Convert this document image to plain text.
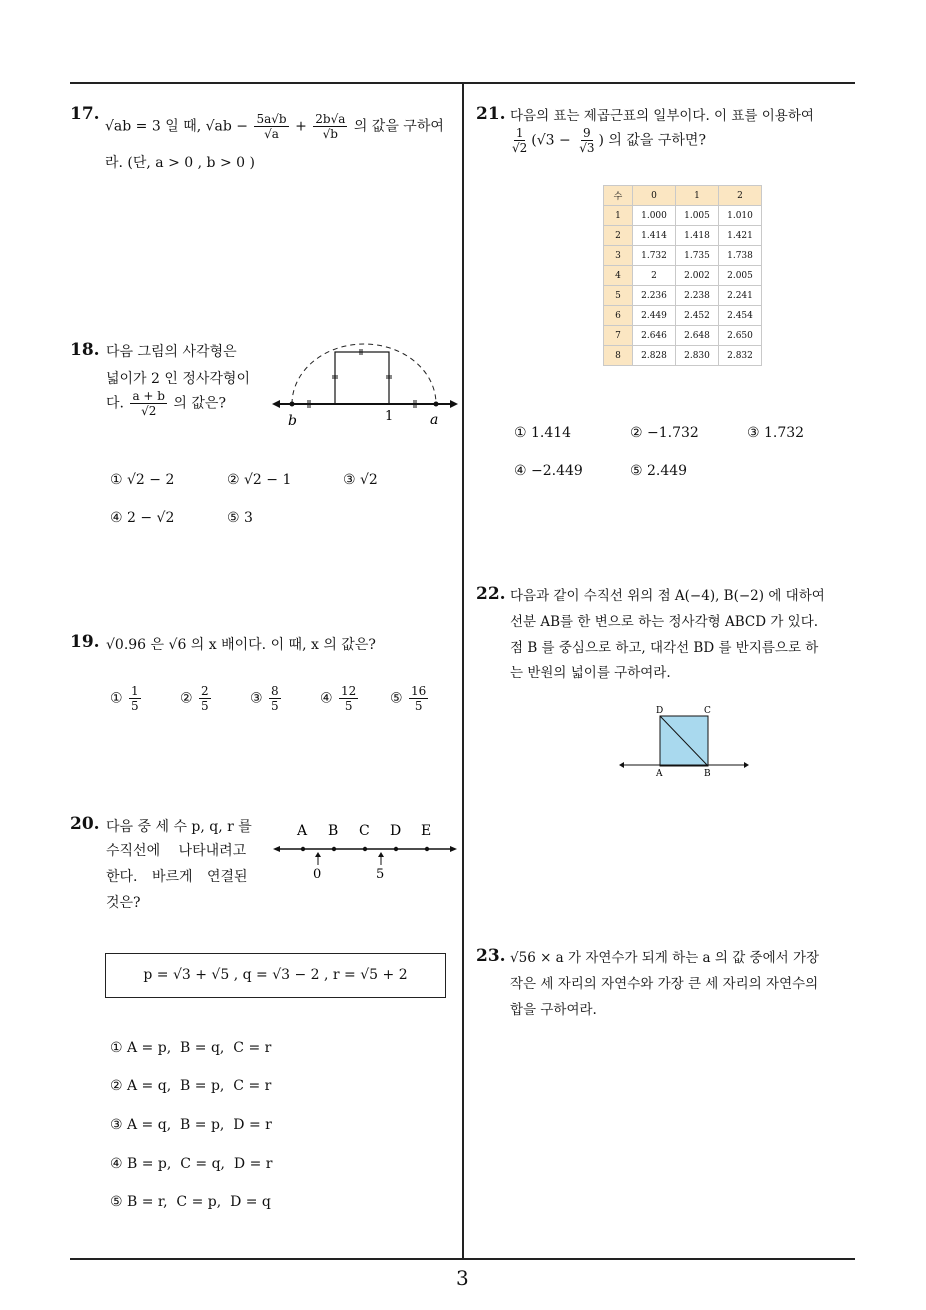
17.
√ab = 3 일 때, $√ab - \frac{5a√b}{√a} + \frac{2b√a}{√b}$ 의 값을 구하여
라. (단, a > 0 , b > 0 )
18. 다음 그림의 사각형은
넓이가 2 인 정사각형이
다. $\frac{a + b}{√2}$ 의 값은?
b	1	a
① √2 − 2	② √2 − 1	③ √2
④ 2 − √2	⑤ 3
19. √0.96 은 √6 의 x 배이다. 이 때, x 의 값은?
① $\frac{1}{5}$	② $\frac{2}{5}$	③ $\frac{8}{5}$	④ $\frac{12}{5}$ ⑤ $\frac{16}{5}$
20. 다음 중 세 수 p, q, r 를
수직선에 나타내려고
한다. 바르게 연결된
것은?
A B C D E
0	5
p = √3 + √5 , q = √3 − 2 , r = √5 + 2
① A = p,  B = q,  C = r
② A = q,  B = p,  C = r
③ A = q,  B = p,  D = r
④ B = p,  C = q,  D = r
⑤ B = r,  C = p,  D = q
21. 다음의 표는 제곱근표의 일부이다. 이 표를 이용하여
$\frac{1}{√2} (√3 - \frac{9}{√3}$ ) 의 값을 구하면?
수	0	1	2
1	1.000	1.005	1.010
2	1.414	1.418	1.421
3	1.732	1.735	1.738
4	2	2.002	2.005
5	2.236	2.238	2.241
6	2.449	2.452	2.454
7	2.646	2.648	2.650
8	2.828	2.830	2.832
① 1.414	② −1.732	③ 1.732
④ −2.449	⑤ 2.449
22. 다음과 같이 수직선 위의 점 A(−4), B(−2) 에 대하여
선분 AB를 한 변으로 하는 정사각형 ABCD 가 있다.
점 B 를 중심으로 하고, 대각선 BD 를 반지름으로 하
는 반원의 넓이를 구하여라.
D	C
A	B
23. √56 × a 가 자연수가 되게 하는 a 의 값 중에서 가장
작은 세 자리의 자연수와 가장 큰 세 자리의 자연수의
합을 구하여라.
3
